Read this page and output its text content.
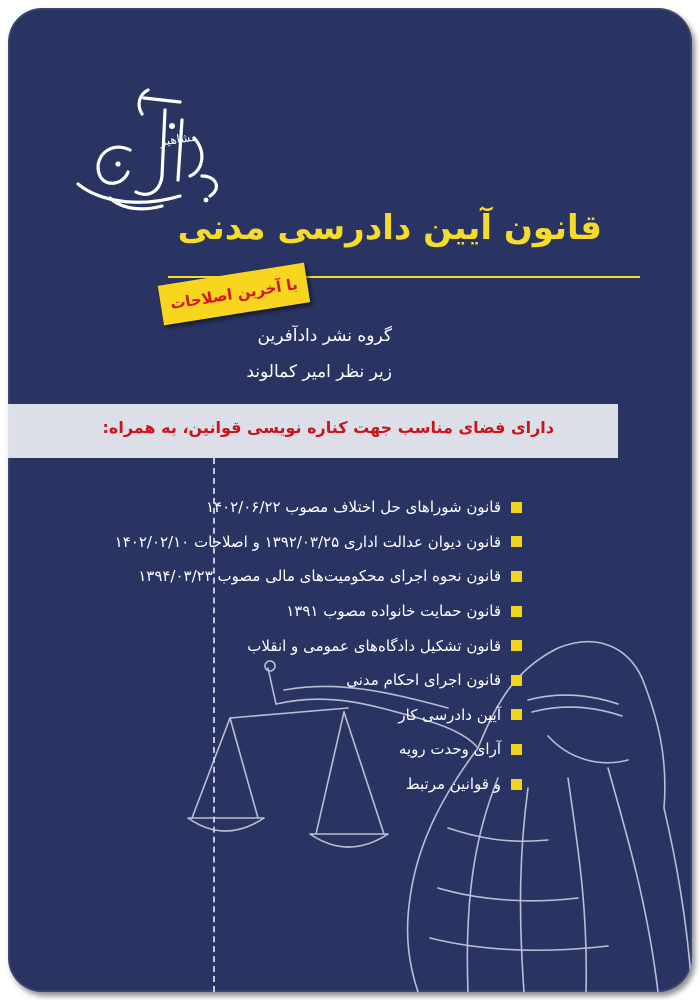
مشاهیر
قانون آیین دادرسی مدنی
با آخرین اصلاحات
گروه نشر دادآفرین
زیر نظر امیر کمالوند
دارای فضای مناسب جهت کناره نویسی قوانین، به همراه:
قانون شوراهای حل اختلاف مصوب ۱۴۰۲/۰۶/۲۲
قانون دیوان عدالت اداری ۱۳۹۲/۰۳/۲۵ و اصلاحات ۱۴۰۲/۰۲/۱۰
قانون نحوه اجرای محکومیت‌های مالی مصوب ۱۳۹۴/۰۳/۲۳
قانون حمایت خانواده مصوب ۱۳۹۱
قانون تشکیل دادگاه‌های عمومی و انقلاب
قانون اجرای احکام مدنی
آیین دادرسی کار
آرای وحدت رویه
و قوانین مرتبط
